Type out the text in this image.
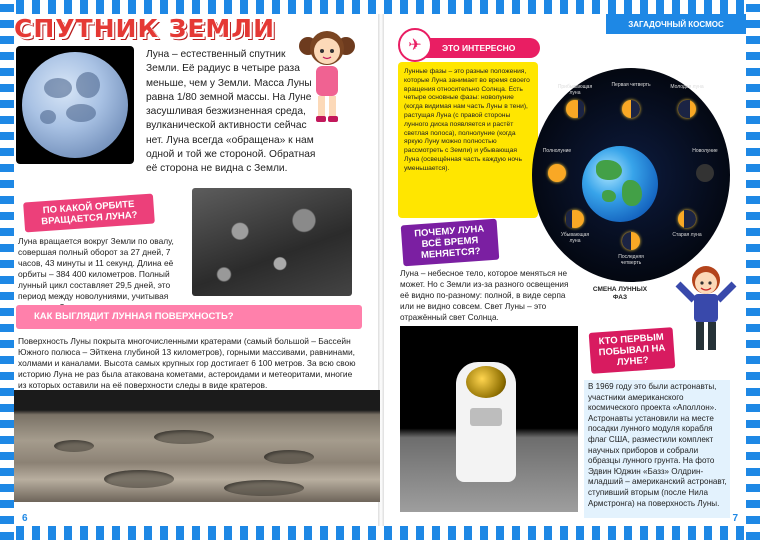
СПУТНИК ЗЕМЛИ
Луна – естественный спутник Земли. Её радиус в четыре раза меньше, чем у Земли. Масса Луны равна 1/80 земной массы. На Луне засушливая безжизненная среда, вулканической активности сейчас нет. Луна всегда «обращена» к нам одной и той же стороной. Обратная её сторона не видна с Земли.
ПО КАКОЙ ОРБИТЕ ВРАЩАЕТСЯ ЛУНА?
Луна вращается вокруг Земли по овалу, совершая полный оборот за 27 дней, 7 часов, 43 минуты и 11 секунд. Длина её орбиты – 384 400 километров. Полный лунный цикл составляет 29,5 дней, это период между новолуниями, учитывая
КАК ВЫГЛЯДИТ ЛУННАЯ ПОВЕРХНОСТЬ?
Поверхность Луны покрыта многочисленными кратерами (самый большой – Бассейн Южного полюса – Эйткена глубиной 13 километров), горными массивами, равнинами, холмами и каналами. Высота самых крупных гор достигает 6 100 метров. За всю свою историю Луна не раз была атакована кометами, астероидами и метеоритами, многие из которых оставили на её поверхности следы в виде кратеров.
6
ЗАГАДОЧНЫЙ КОСМОС
ЭТО ИНТЕРЕСНО
✈

Лунные фазы – это разные положения, которые Луна занимает во время своего вращения относительно Солнца. Есть четыре основные фазы: новолуние (когда видимая нам часть Луны в тени), растущая Луна (с правой стороны лунного диска появляется и растёт светлая полоса), полнолуние (когда яркую Луну можно полностью рассмотреть с Земли) и убывающая Луна (освещённая часть каждую ночь уменьшается).

Первая четверть
Прибывающая луна
Молодая луна
Полнолуние	Новолуние
Убывающая луна
Старая луна
Последняя четверть
СМЕНА ЛУННЫХ ФАЗ
ПОЧЕМУ ЛУНА ВСЁ ВРЕМЯ МЕНЯЕТСЯ?
Луна – небесное тело, которое меняться не может. Но с Земли из-за разного освещения её видно по-разному: полной, в виде серпа или не видно совсем. Свет Луны – это отражённый свет Солнца.
КТО ПЕРВЫМ ПОБЫВАЛ НА ЛУНЕ?
В 1969 году это были астронавты, участники американского космического проекта «Аполлон». Астронавты установили на месте посадки лунного модуля корабля флаг США, разместили комплект научных приборов и собрали образцы лунного грунта. На фото Эдвин Юджин «Базз» Олдрин-младший – американский астронавт, ступивший вторым (после Нила Армстронга) на поверхность Луны.
7
